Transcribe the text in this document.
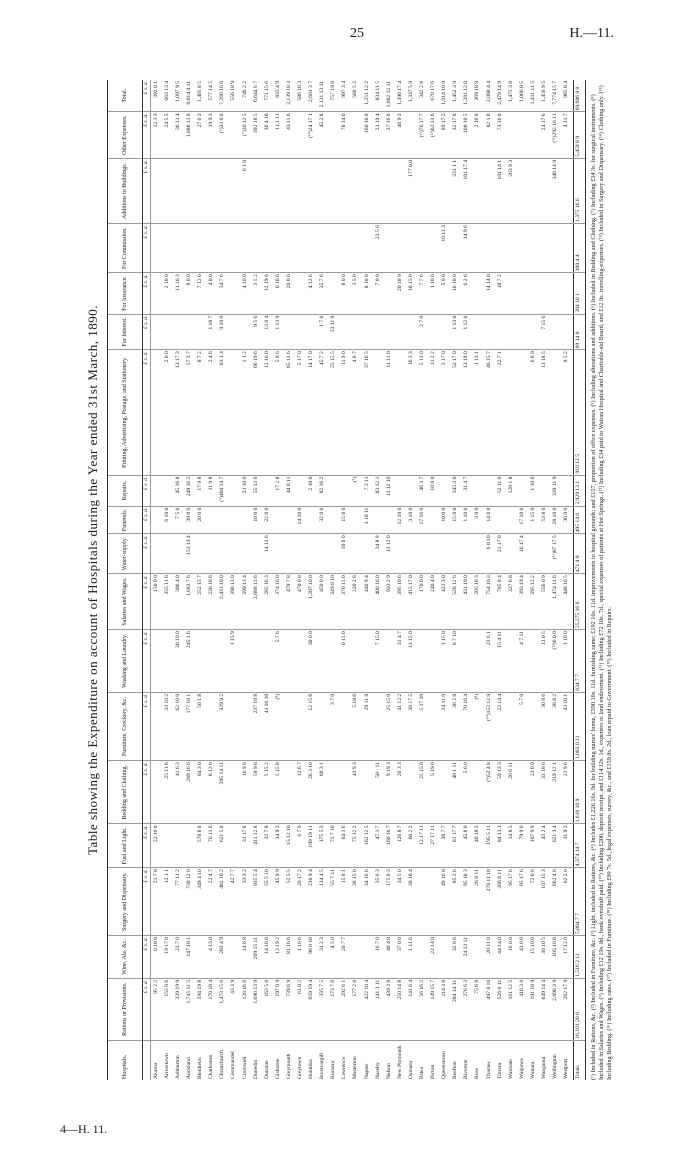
25	H.—11.
4—H. 11.
Table showing the Expenditure on account of Hospitals during the Year ended 31st March, 1890.
Hospitals.	Rations or Provisions.	Wine, Ale, &c.	Surgery and Dispensary.	Fuel and Light.	Bedding and Clothing.	Furniture, Crockery, &c.	Washing and Laundry.	Salaries and Wages.	Water-supply.	Funerals.	Repairs.	Printing, Advertising, Postage, and Stationery.	For Interest.	For Insurance.	For Commission.	Additions to Buildings.	Other Expenses.	Total.
	£ s. d.	£ s. d.	£ s. d.	£ s. d.	£ s. d.	£ s. d.	£ s. d.	£ s. d.	£ s. d.	£ s. d.	£ s. d.	£ s. d.	£ s. d.	£ s. d.	£ s. d.	£ s. d.	£ s. d.	£ s. d.
Akaroa	95 2 2	0 18 0	21 7 8	22 10 0				150 0 0									12 3 3	392 0 1
Arrowtown	155 8 6	19 17 0	12 1 1		25 11 6	33 10 2		355 11 8		6 10 0		2 0 0		2 10 0			24 5 5	663 13 4
Ashburton	329 19 9	23 7 0	77 11 2		41 6 3	62 10 0	30 10 0	386 4 0		7 5 0	45 16 8	13 17 3		11 16 3			36 11 4	1,097 9 5
Auckland	1,745 11 5	147 10 1	738 12 0		289 16 6	177 18 1	245 1 6	1,683 7 6	153 13 4	39 8 6	249 16 2	57 3 7		8 0 0			1,888 13 8	8,014 4 11
Blenheim	594 19 8		349 4 10	578 8 6	84 3 0	56 1 8		252 15 7		20 0 0	17 9 8	8 7 2		7 12 0			27 6 3	1,405 8 5
Charleston	170 18 4	4 13 0	22 4 7	70 11 6	8 12 0			230 18 8			11 9 8	2 4 6	1 18 7	4 0 0			19 9 3	577 14 5
Christchurch	1,473 15 6	283 4 9	482 10 2	621 5 0	395 14 11	329 9 2		2,431 19 0			(⁵)460 14 7	83 1 4	9 10 6	54 7 6			(⁶)33 0 0	7,266 16 0
Coromandel	43 3 9		42 7 7				1 15 9	390 13 0										556 18 9
Cromwell	128 16 6	14 6 8	33 3 2	31 17 6	16 9 8			399 13 4			23 10 0	1 1 2		4 10 0		6 1 0	(⁷)30 12 5	746 2 2
Dunedin	1,690 13 9	209 15 11	935 5 4	411 12 8	59 9 8	237 18 8		2,088 13 6		10 0 0	55 13 6	66 19 6	9 5 6	3 5 2			392 18 5	6,644 6 7
Dunstan	163 5 0	14 18 0	55 5 10	32 7 8	5 15 2	43 10 10		285 16 3	14 13 6	22 0 0		12 16 0	13 0 4	12 19 6			36 4 10	771 15 6
Gisborne	197 0 9	12 19 2	45 9 9	34 9 2	5 15 8	(⁸)	5 7 6	374 16 0			17 2 8	5 8 6	1 13 9	6 10 6			11 1 11	835 4 9
Greymouth	739 6 9	81 16 6	52 5 5	15 12 10				479 7 8			44 0 11	65 13 6		20 0 0			43 11 6	2,139 18 3
Greytown	61 0 2	1 16 6	20 17 2	6 7 0	12 6 7			470 0 8		14 10 0		5 17 0						586 18 3
Hokitika	659 19 4	98 0 10	210 9 4	199 19 11	26 3 10	12 15 6	30 0 0	1,207 10 0			2 10 0	14 17 0		4 12 6			(¹⁰)24 17 1	2,601 3 7
Invercargill	335 7 5	31 2 3	134 4 5	175 5 3	60 3 1			450 0 0		32 0 0	82 16 2	45 7 2	1 7 0	35 7 6			45 2 8	2,121 13 11
Kumara	173 7 6	4 5 0	55 7 11	71 7 10		3 7 0		349 8 10				25 15 5	23 11 9					757 19 8
Lawrence	292 6 1	20 7 7	15 8 1	64 1 6			0 15 0	370 15 0	10 0 0	15 0 0		11 9 0		8 0 0			78 14 0	997 3 4
Masterton	177 2 0		36 15 0	75 12 2	43 9 3	5 18 6		220 2 8			(¹)	4 0 7		3 5 0				580 5 2
Napier	422 10 4		34 16 6	162 12 5		29 11 8		440 9 4		3 10 11	7 2 11	37 16 5		8 18 8			160 10 0	1,251 12 2
Naseby	141 3 11	16 7 0	35 6 3	47 1 7	58 · 11		7 15 0	400 16 0	34 8 8		83 12 1			7 0 0	23 5 6		23 19 4	834 11 5
Nelson	439 3 8	40 4 8	175 0 3	160 16 7	9 19 3	25 15 0		933 2 9	13 12 0		12 12 10	11 11 0					37 16 0	1,882 12 11
New Plymouth	250 14 8	37 0 0	34 5 0	126 8 7	26 3 3	41 12 2	31 4 7	395 10 6		12 10 0				20 18 9			46 9 3	1,390 17 4
Oamaru	141 6 4	1 11 6	39 10 4	60 2 2		38 17 5	13 15 0	415 17 0		3 10 0		16 3 3		10 15 0		177 0 0		1,337 5 9
Patea	56 16 2			12 17 11	25 15 0	5 17 10		170 0 0		17 16 0	46 3 7	5 13 0	2 7 6	7 7 6			(¹¹)76 17 7	342 2 8
Picton	149 15 7	22 14 0		27 17 11	5 19 0			240 4 0			10 8 0	11 2 2		1 10 0			(¹²)62 13 6	670 17 6
Queenstown	214 3 8		49 16 8	38 7 7		24 11 0	1 15 0	421 3 0		10 0 0		3 17 0		5 0 0	10 11 3		89 17 2	1,014 10 9
Reefton	284 14 11	32 8 6	85 2 6	81 17 7	40 1 11	38 2 8	8 7 10	528 12 6		15 0 0	145 3 0	52 17 0	1 13 0	10 10 0		231 1 1	32 17 8	1,452 3 9
Riverton	276 6 3	24 13 11	95 18 3	45 8 0	5 6 0	70 16 4		431 19 0		1 10 0	31 4 7	13 19 0	1 12 0	6 2 6	14 9 6	181 17 4	108 10 5	1,281 12 0
Ross	75 6 8		26 8 11	40 18 3		(⁸)		205 18 3		3 0 0		1 13 1					2 10 0	369 18 9
Thames	497 8 10	20 11 0	278 11 10	195 5 11	(⁸)52 4 8	(¹⁰)152 12 9	23 6 1	754 10 3	6 0 10	14 0 0		46 15 7		14 14 0			82 1 0	2,098 4 4
Timaru	526 0 11	44 14 0	266 8 11	84 13 1	59 13 3	22 14 4	15 4 11	785 8 4	21 17 0		52 11 0	22 7 1		18 7 2		181 14 1	73 16 0	2,479 14 9
Waimate	161 12 5	16 0 0	95 17 6	14 8 5	26 6 11			327 6 8			120 1 8					263 9 3		1,475 3 8
Waipawa	416 3 8	41 6 0	85 17 6	79 9 0		5 7 0	4 7 11	393 19 4	16 17 4	17 10 0								1,066 0 5
Waitara	191 18 9	15 10 0	72 6 6	107 9 9	23 0 0			395 12 2		1 15 0	1 10 6	6 8 0						1,411 11 5
Wanganui	649 14 4	30 10 5	107 15 3	45 2 4	33 18 6	30 8 6	13 0 5	556 0 9		53 8 0		13 18 5	7 15 6				24 17 6	1,456 9 5
Wellington	2,098 3 9	105 10 8	662 4 6	621 3 4	219 12 1	38 8 2	(¹³)6 0 0	1,474 11 6	(¹¹)87 17 5	28 10 0	339 11 9					340 14 9	(¹¹)292 16 11	7,774 15 7
Westport	262 17 9	17 12 0	62 2 0	31 9 2	21 9 6	43 10 1	1 10 0	448 10 5		30 0 0		9 5 2					4 11 7	985 8 4
Totals	16,101 20 6	1,516 2 11	5,884 7 7	4,374 14 7	1,618 10 9	1,083 0 11	834 7 7	25,275 16 6	471 4 8	495 14 6	2,929 13 1	910 12 5	89 14 8	284 10 1	100 4 4	1,375 16 6	5,459 8 9	69,686 8 0 (¹) Included in Rations, &c. (²) Included in Furniture, &c. (³) Light, included in Rations, &c. (⁴) Includes £1,226 16s. 9d. for building nurses' home, £390 10s. 11d. furnishing same; £192 16s. 11d. improvements to hospital grounds; and £157, proportion of office expenses. (⁵) Including alterations and additions. (⁶) Included in Bedding and Clothing. (⁷) Including £34 3s. for surgical instruments. (⁸) Included in Salaries and Wages. (⁹) Including £12 19s. 8d., bank overdraft paid. (¹⁰) Including £200, deposit receipt, and £114 12s. 1d., expenses re land endowment. (¹¹) Including £72 10s. 7d., special expenses of patients at Hot Springs. (¹²) Including £34 paid to Wairau Hospital and Charitable-aid Board, and £12 9s. travelling-expenses. (¹³) Included in Surgery and Dispensary. (¹⁴) Clothing only. (¹⁵) Including Bedding. (¹⁶) Including rates. (¹⁷) Included in Furniture. (¹⁸) Including £99 7s. 5d., legal expenses, survey, &c., and £159 8s. 2d., loan repaid to Government. (¹⁹) Included in Repairs.
